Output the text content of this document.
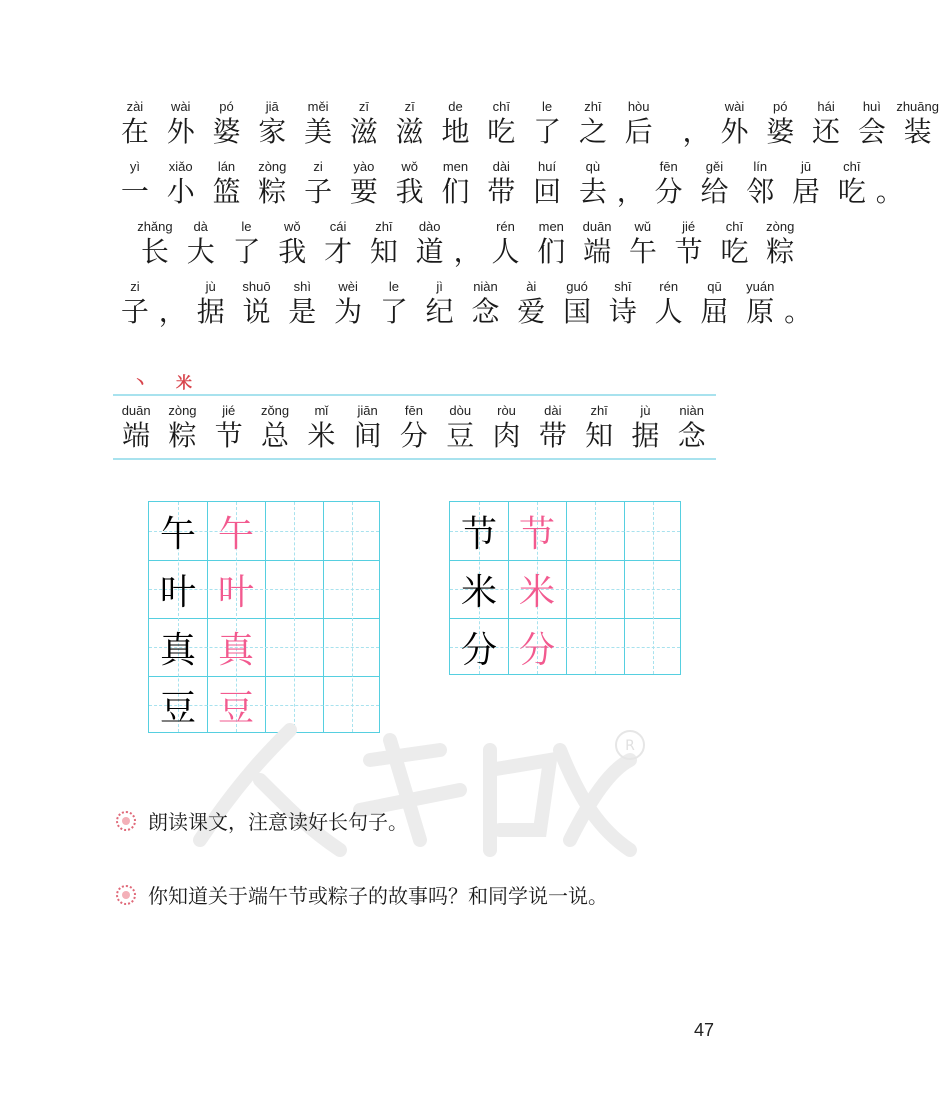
zài
在
wài
外
pó
婆
jiā
家
měi
美
zī
滋
zī
滋
de
地
chī
吃
le
了
zhī
之
hòu
后 ，
wài
外
pó
婆
hái
还
huì
会
zhuāng
装
yì
一
xiǎo
小
lán
篮
zòng
粽
zi
子
yào
要
wǒ
我
men
们
dài
带
huí
回
qù
去 ，
fēn
分
gěi
给
lín
邻
jū
居
chī
吃 。
zhǎng
长
dà
大
le
了
wǒ
我
cái
才
zhī
知
dào
道 ，
rén
人
men
们
duān
端
wǔ
午
jié
节
chī
吃
zòng
粽
zi
子 ，
jù
据
shuō
说
shì
是
wèi
为
le
了
jì
纪
niàn
念
ài
爱
guó
国
shī
诗
rén
人
qū
屈
yuán
原 。
丶 米
duān
端
zòng
粽
jié
节
zǒng
总
mǐ
米
jiān
间
fēn
分
dòu
豆
ròu
肉
dài
带
zhī
知
jù
据
niàn
念
午 午
叶 叶
真 真
豆 豆
节 节
米 米
分 分
R
朗读课文，注意读好长句子。
你知道关于端午节或粽子的故事吗？和同学说一说。
47
